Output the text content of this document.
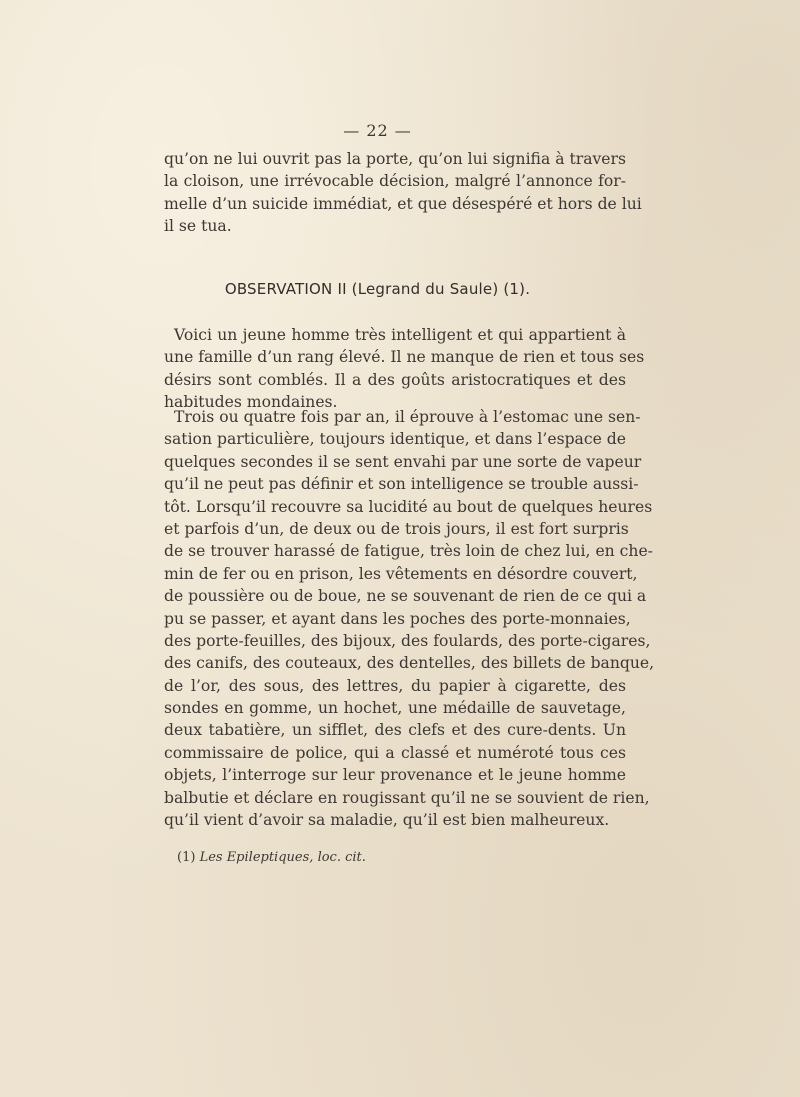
— 22 —
qu’on ne lui ouvrit pas la porte, qu’on lui signifia à travers
la cloison, une irrévocable décision, malgré l’annonce for-
melle d’un suicide immédiat, et que désespéré et hors de lui
il se tua.
OBSERVATION II (Legrand du Saule) (1).
Voici un jeune homme très intelligent et qui appartient à
une famille d’un rang élevé. Il ne manque de rien et tous ses
désirs sont comblés. Il a des goûts aristocratiques et des
habitudes mondaines.
Trois ou quatre fois par an, il éprouve à l’estomac une sen-
sation particulière, toujours identique, et dans l’espace de
quelques secondes il se sent envahi par une sorte de vapeur
qu’il ne peut pas définir et son intelligence se trouble aussi-
tôt. Lorsqu’il recouvre sa lucidité au bout de quelques heures
et parfois d’un, de deux ou de trois jours, il est fort surpris
de se trouver harassé de fatigue, très loin de chez lui, en che-
min de fer ou en prison, les vêtements en désordre couvert,
de poussière ou de boue, ne se souvenant de rien de ce qui a
pu se passer, et ayant dans les poches des porte-monnaies,
des porte-feuilles, des bijoux, des foulards, des porte-cigares,
des canifs, des couteaux, des dentelles, des billets de banque,
de l’or, des sous, des lettres, du papier à cigarette, des
sondes en gomme, un hochet, une médaille de sauvetage,
deux tabatière, un sifflet, des clefs et des cure-dents. Un
commissaire de police, qui a classé et numéroté tous ces
objets, l’interroge sur leur provenance et le jeune homme
balbutie et déclare en rougissant qu’il ne se souvient de rien,
qu’il vient d’avoir sa maladie, qu’il est bien malheureux.
(1) Les Epileptiques, loc. cit.
